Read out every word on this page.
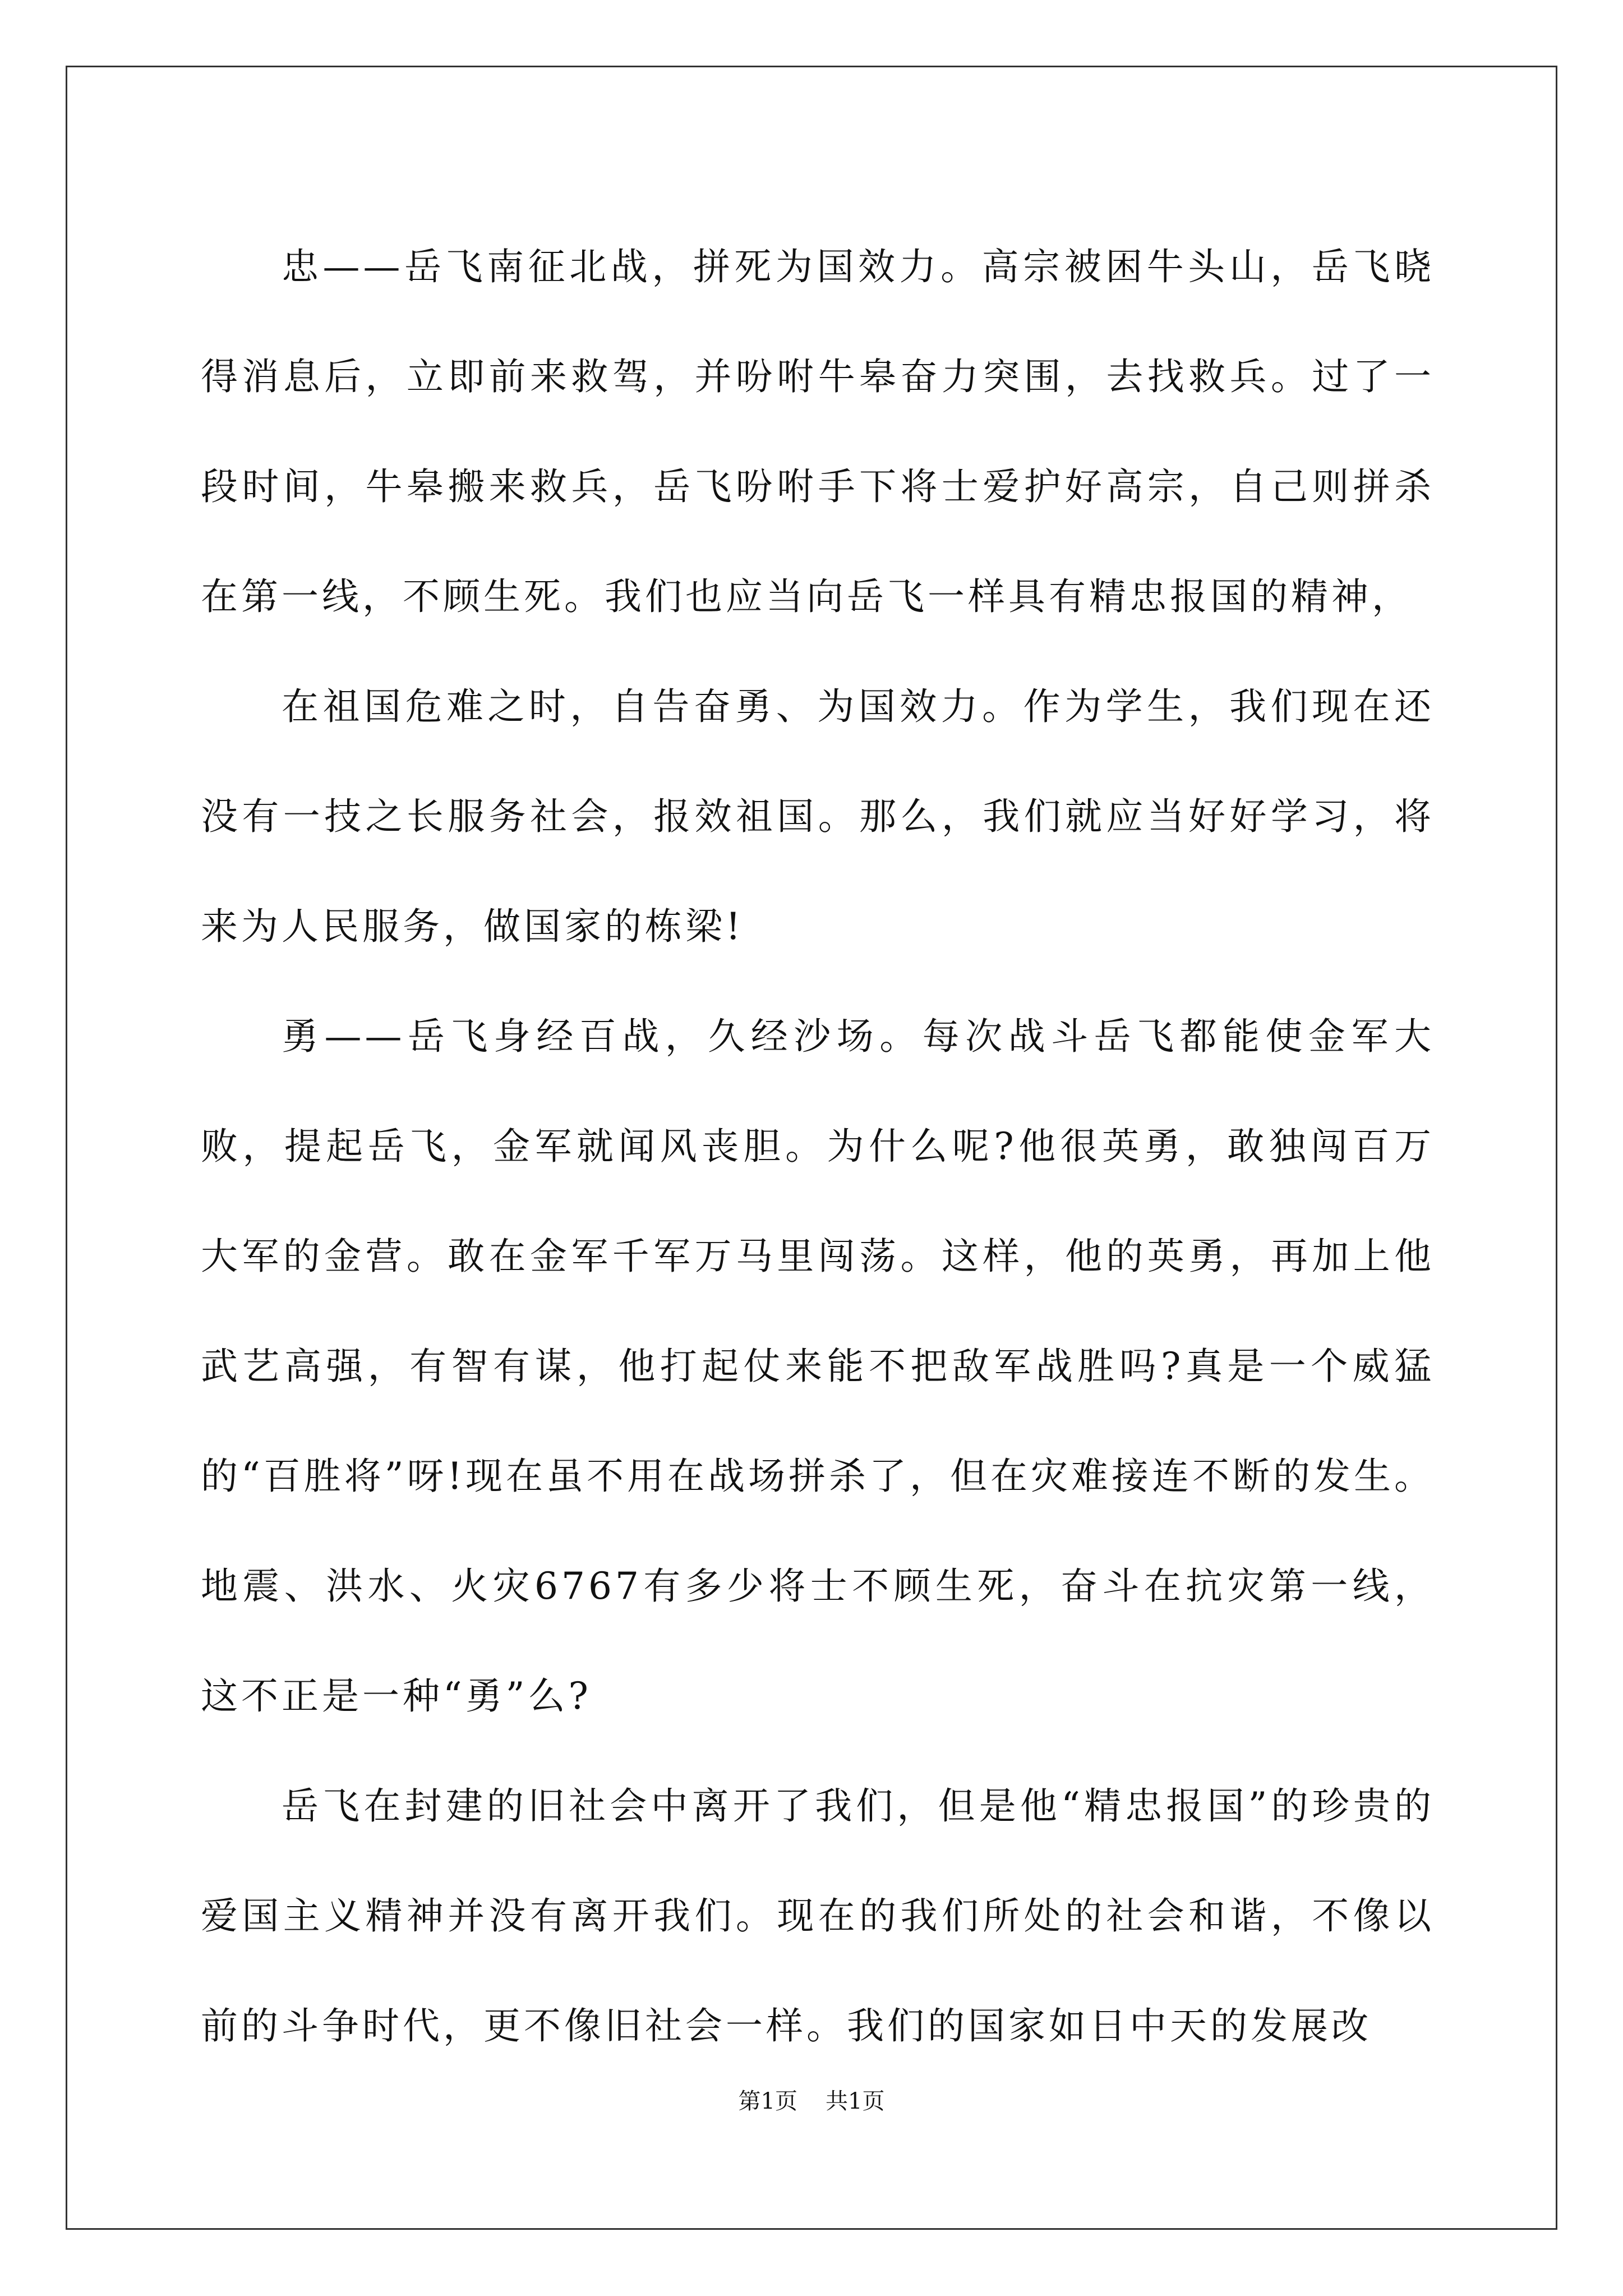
忠——岳飞南征北战，拼死为国效力。高宗被困牛头山，岳飞晓得消息后，立即前来救驾，并吩咐牛皋奋力突围，去找救兵。过了一段时间，牛皋搬来救兵，岳飞吩咐手下将士爱护好高宗，自己则拼杀在第一线，不顾生死。我们也应当向岳飞一样具有精忠报国的精神，

在祖国危难之时，自告奋勇、为国效力。作为学生，我们现在还没有一技之长服务社会，报效祖国。那么，我们就应当好好学习，将来为人民服务，做国家的栋梁!

勇——岳飞身经百战，久经沙场。每次战斗岳飞都能使金军大败，提起岳飞，金军就闻风丧胆。为什么呢?他很英勇，敢独闯百万大军的金营。敢在金军千军万马里闯荡。这样，他的英勇，再加上他武艺高强，有智有谋，他打起仗来能不把敌军战胜吗?真是一个威猛的“百胜将”呀!现在虽不用在战场拼杀了，但在灾难接连不断的发生。地震、洪水、火灾6767有多少将士不顾生死，奋斗在抗灾第一线，这不正是一种“勇”么?

岳飞在封建的旧社会中离开了我们，但是他“精忠报国”的珍贵的爱国主义精神并没有离开我们。现在的我们所处的社会和谐，不像以前的斗争时代，更不像旧社会一样。我们的国家如日中天的发展改

第1页 共1页
